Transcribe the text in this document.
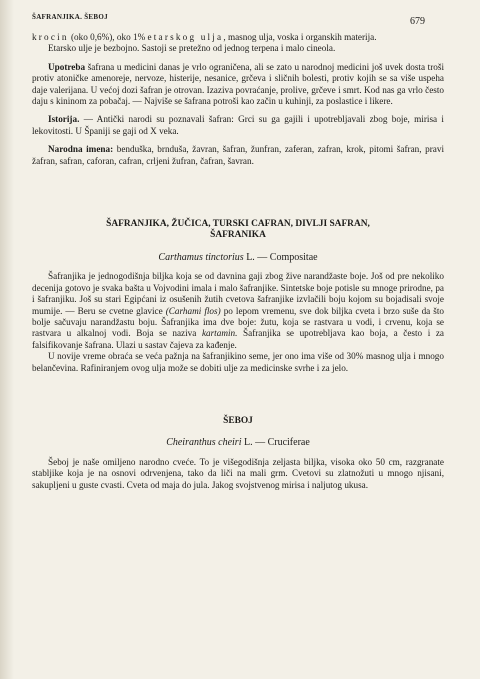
ŠAFRANJIKA. ŠEBOJ	679

krocin (oko 0,6%), oko 1% etarskog ulja, masnog ulja, voska i organskih materija.

Etarsko ulje je bezbojno. Sastoji se pretežno od jednog terpena i malo cineola.

Upotreba šafrana u medicini danas je vrlo ograničena, ali se zato u narodnoj medicini još uvek dosta troši protiv atoničke amenoreje, nervoze, histerije, nesanice, grčeva i sličnih bolesti, protiv kojih se sa više uspeha daje valerijana. U većoj dozi šafran je otrovan. Izaziva povraćanje, prolive, grčeve i smrt. Kod nas ga vrlo često daju s kininom za pobačaj. — Najviše se šafrana potroši kao začin u kuhinji, za poslastice i likere.

Istorija. — Antički narodi su poznavali šafran: Grci su ga gajili i upotrebljavali zbog boje, mirisa i lekovitosti. U Španiji se gaji od X veka.

Narodna imena: benduška, brnduša, žavran, šafran, žunfran, zaferan, zafran, krok, pitomi šafran, pravi žafran, safran, caforan, cafran, crljeni žufran, čafran, šavran.

ŠAFRANJIKA, ŽUČICA, TURSKI CAFRAN, DIVLJI SAFRAN,
ŠAFRANIKA

Carthamus tinctorius L. — Compositae

Šafranjika je jednogodišnja biljka koja se od davnina gaji zbog žive narandžaste boje. Još od pre nekoliko decenija gotovo je svaka bašta u Vojvodini imala i malo šafranjike. Sintetske boje potisle su mnoge prirodne, pa i šafranjiku. Još su stari Egipćani iz osušenih žutih cvetova šafranjike izvlačili boju kojom su bojadisali svoje mumije. — Beru se cvetne glavice (Carhami flos) po lepom vremenu, sve dok biljka cveta i brzo suše da što bolje sačuvaju narandžastu boju. Šafranjika ima dve boje: žutu, koja se rastvara u vodi, i crvenu, koja se rastvara u alkalnoj vodi. Boja se naziva kartamin. Šafranjika se upotrebljava kao boja, a često i za falsifikovanje šafrana. Ulazi u sastav čajeva za kađenje.

U novije vreme obraća se veća pažnja na šafranjikino seme, jer ono ima više od 30% masnog ulja i mnogo belančevina. Rafiniranjem ovog ulja može se dobiti ulje za medicinske svrhe i za jelo.

ŠEBOJ

Cheiranthus cheiri L. — Cruciferae

Šeboj je naše omiljeno narodno cveće. To je višegodišnja zeljasta biljka, visoka oko 50 cm, razgranate stabljike koja je na osnovi odrvenjena, tako da liči na mali grm. Cvetovi su zlatnožuti u mnogo njisani, sakupljeni u guste cvasti. Cveta od maja do jula. Jakog svojstvenog mirisa i naljutog ukusa.
